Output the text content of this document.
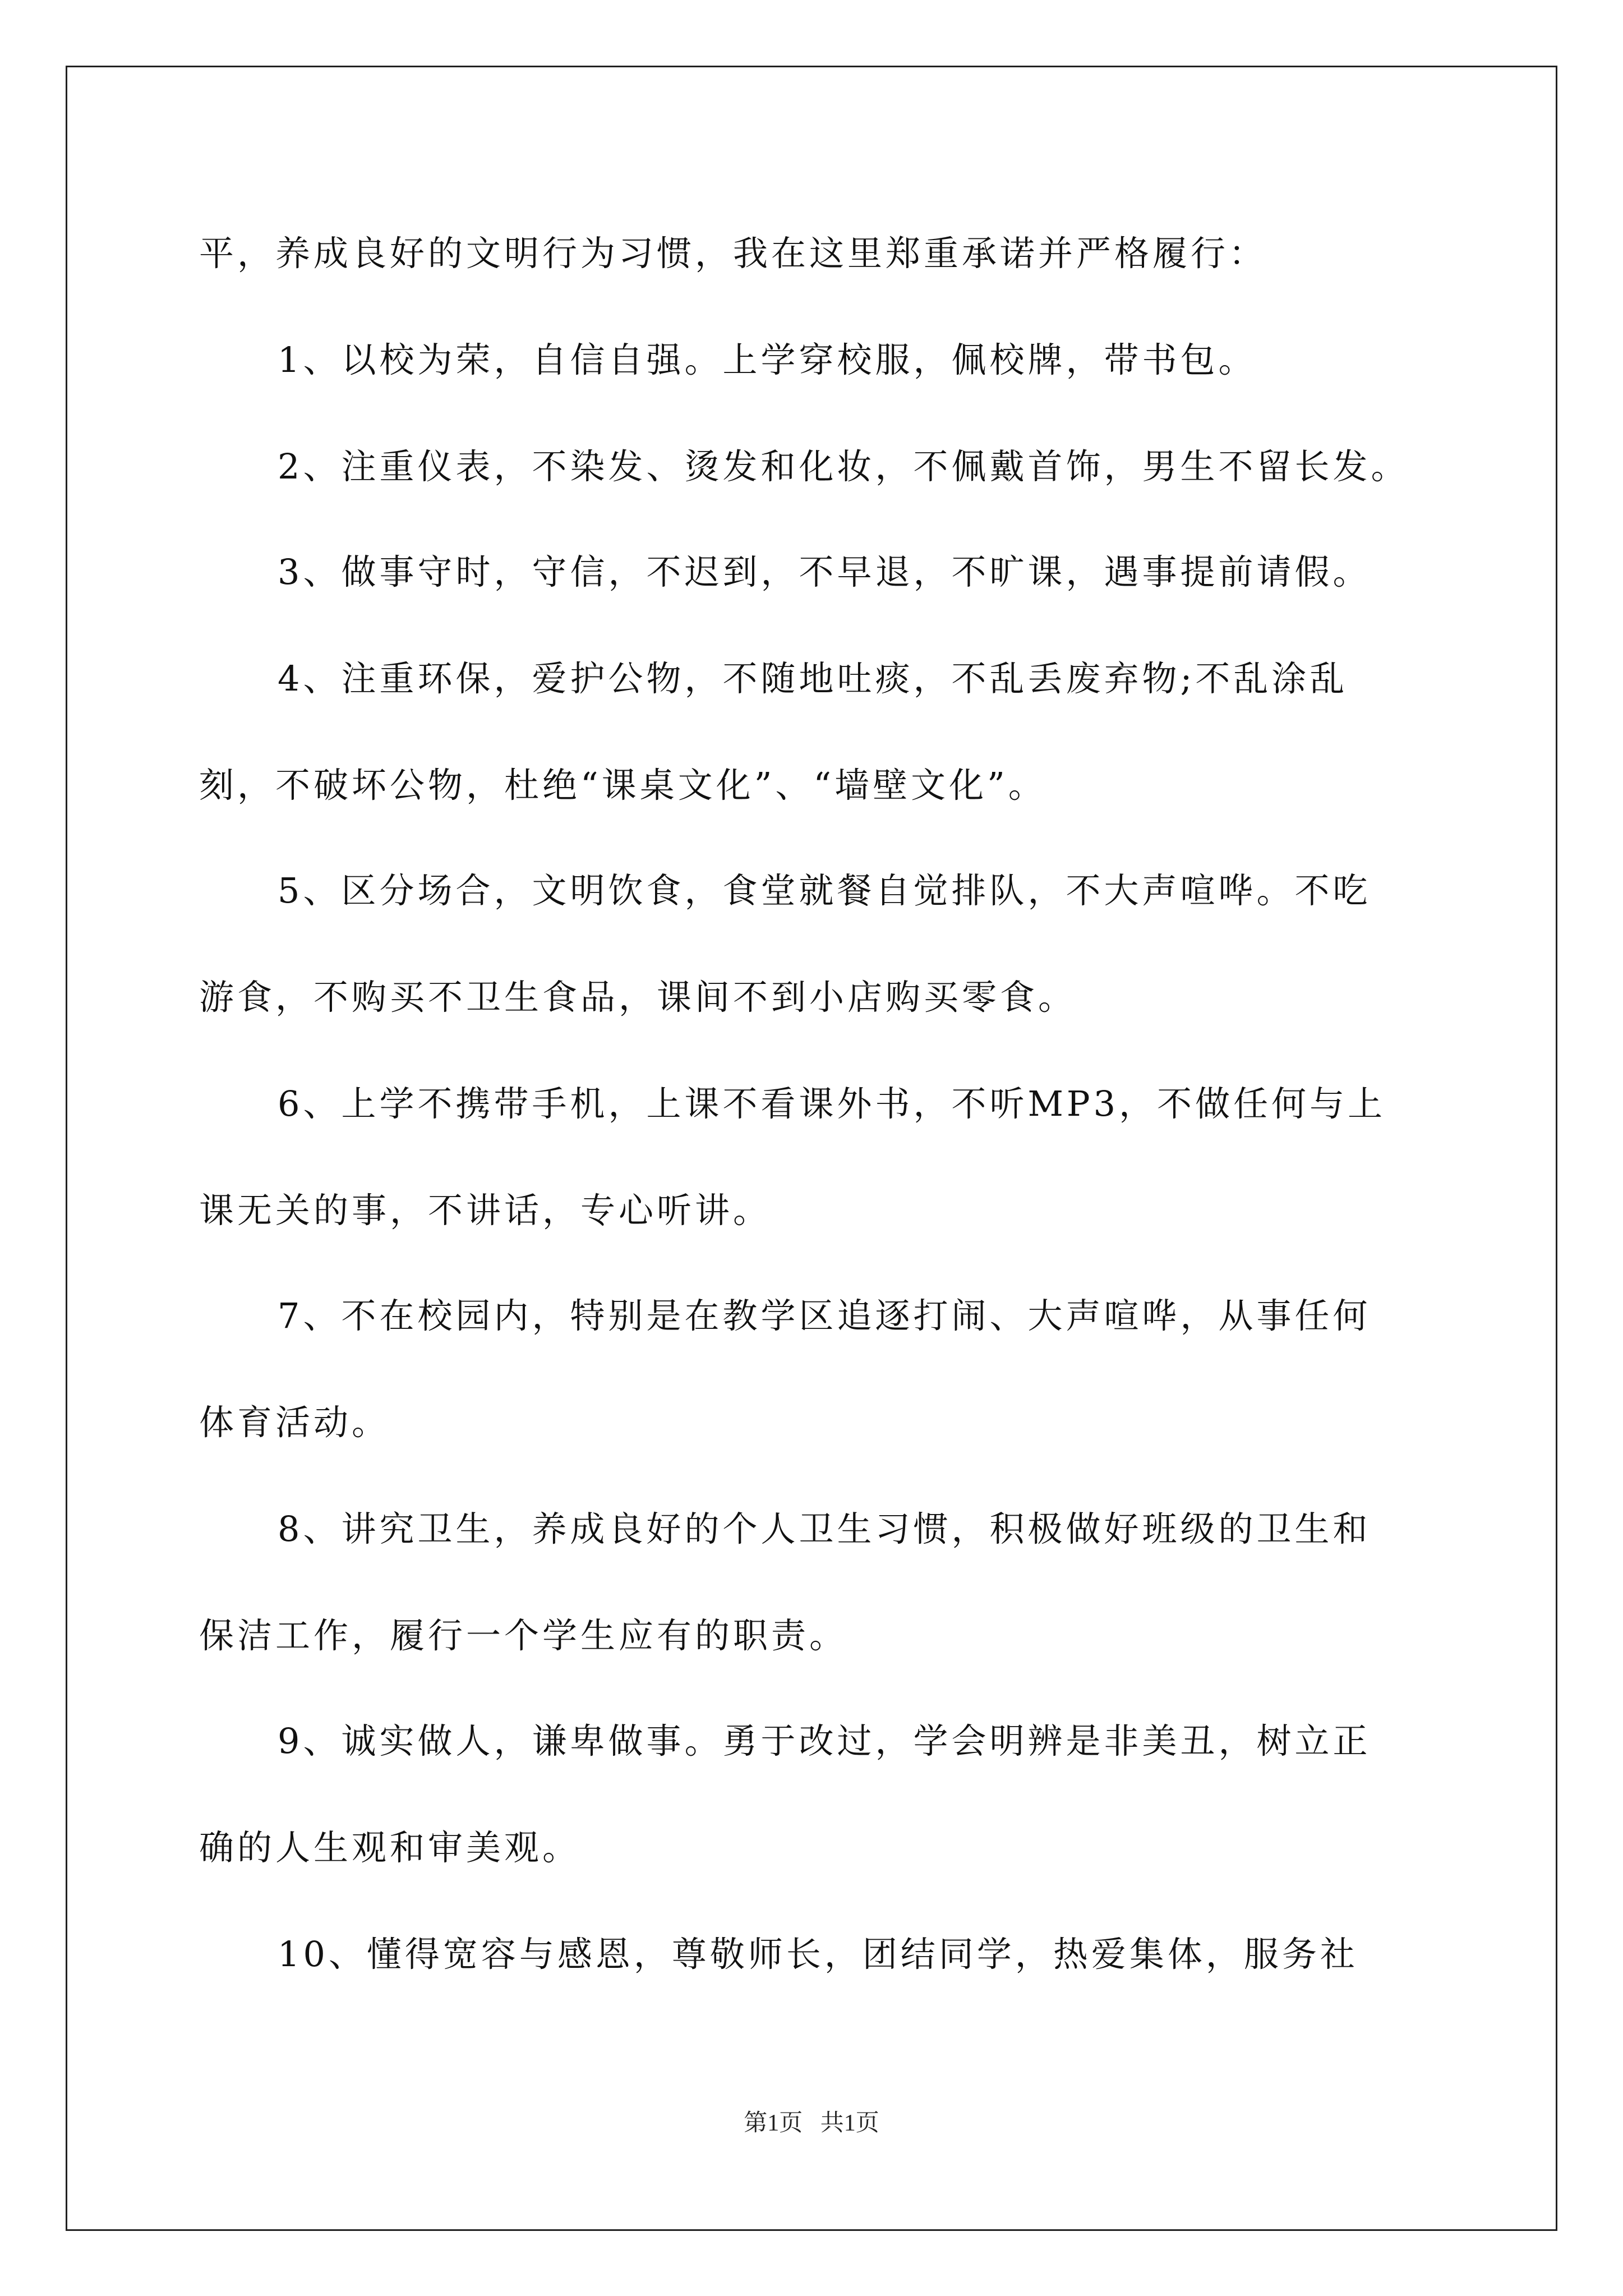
平，养成良好的文明行为习惯，我在这里郑重承诺并严格履行：
1、以校为荣，自信自强。上学穿校服，佩校牌，带书包。
2、注重仪表，不染发、烫发和化妆，不佩戴首饰，男生不留长发。
3、做事守时，守信，不迟到，不早退，不旷课，遇事提前请假。
4、注重环保，爱护公物，不随地吐痰，不乱丢废弃物;不乱涂乱
刻，不破坏公物，杜绝“课桌文化”、“墙壁文化”。
5、区分场合，文明饮食，食堂就餐自觉排队，不大声喧哗。不吃
游食，不购买不卫生食品，课间不到小店购买零食。
6、上学不携带手机，上课不看课外书，不听MP3，不做任何与上
课无关的事，不讲话，专心听讲。
7、不在校园内，特别是在教学区追逐打闹、大声喧哗，从事任何
体育活动。
8、讲究卫生，养成良好的个人卫生习惯，积极做好班级的卫生和
保洁工作，履行一个学生应有的职责。
9、诚实做人，谦卑做事。勇于改过，学会明辨是非美丑，树立正
确的人生观和审美观。
10、懂得宽容与感恩，尊敬师长，团结同学，热爱集体，服务社
第1页   共1页
